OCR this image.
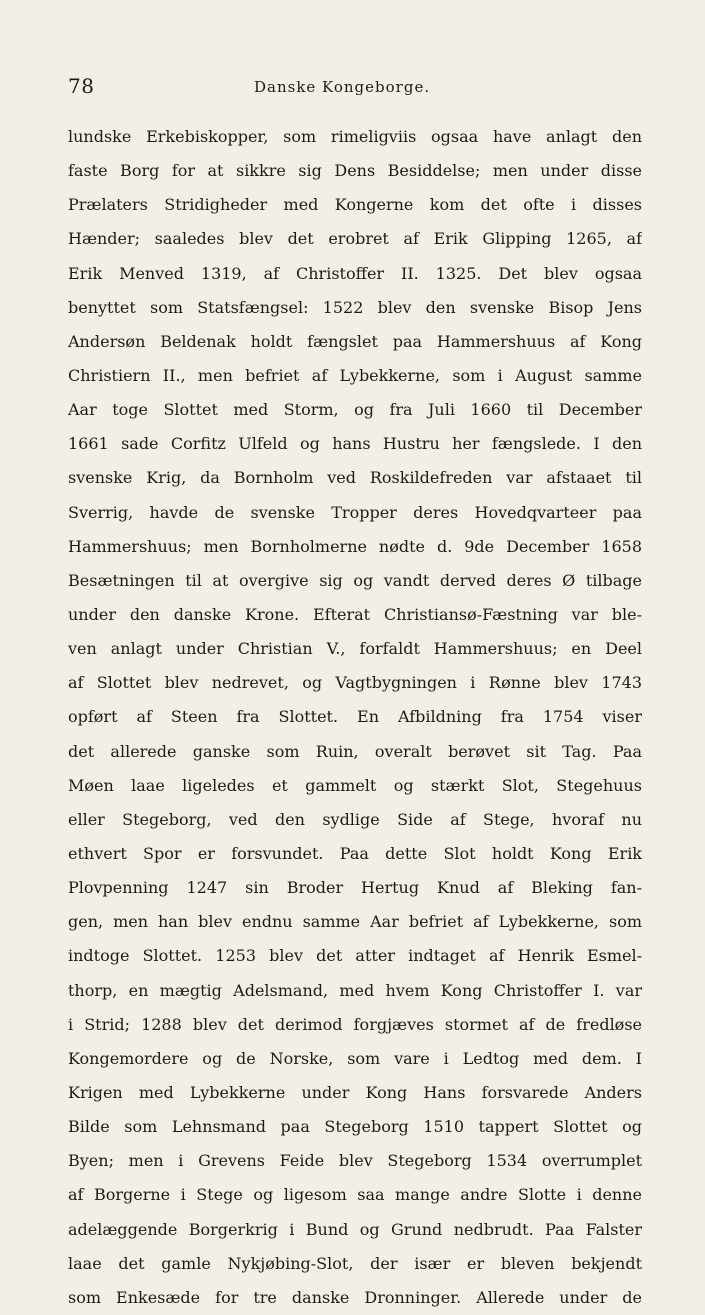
78	Danske Kongeborge.
lundske Erkebiskopper, som rimeligviis ogsaa have anlagt den
faste Borg for at sikkre sig Dens Besiddelse; men under disse
Prælaters Stridigheder med Kongerne kom det ofte i disses
Hænder; saaledes blev det erobret af Erik Glipping 1265, af
Erik Menved 1319, af Christoffer II. 1325. Det blev ogsaa
benyttet som Statsfængsel: 1522 blev den svenske Bisop Jens
Andersøn Beldenak holdt fængslet paa Hammershuus af Kong
Christiern II., men befriet af Lybekkerne, som i August samme
Aar toge Slottet med Storm, og fra Juli 1660 til December
1661 sade Corfitz Ulfeld og hans Hustru her fængslede. I den
svenske Krig, da Bornholm ved Roskildefreden var afstaaet til
Sverrig, havde de svenske Tropper deres Hovedqvarteer paa
Hammershuus; men Bornholmerne nødte d. 9de December 1658
Besætningen til at overgive sig og vandt derved deres Ø tilbage
under den danske Krone. Efterat Christiansø-Fæstning var ble-
ven anlagt under Christian V., forfaldt Hammershuus; en Deel
af Slottet blev nedrevet, og Vagtbygningen i Rønne blev 1743
opført af Steen fra Slottet. En Afbildning fra 1754 viser
det allerede ganske som Ruin, overalt berøvet sit Tag. Paa
Møen laae ligeledes et gammelt og stærkt Slot, Stegehuus
eller Stegeborg, ved den sydlige Side af Stege, hvoraf nu
ethvert Spor er forsvundet. Paa dette Slot holdt Kong Erik
Plovpenning 1247 sin Broder Hertug Knud af Bleking fan-
gen, men han blev endnu samme Aar befriet af Lybekkerne, som
indtoge Slottet. 1253 blev det atter indtaget af Henrik Esmel-
thorp, en mægtig Adelsmand, med hvem Kong Christoffer I. var
i Strid; 1288 blev det derimod forgjæves stormet af de fredløse
Kongemordere og de Norske, som vare i Ledtog med dem. I
Krigen med Lybekkerne under Kong Hans forsvarede Anders
Bilde som Lehnsmand paa Stegeborg 1510 tappert Slottet og
Byen; men i Grevens Feide blev Stegeborg 1534 overrumplet
af Borgerne i Stege og ligesom saa mange andre Slotte i denne
adelæggende Borgerkrig i Bund og Grund nedbrudt. Paa Falster
laae det gamle Nykjøbing-Slot, der især er bleven bekjendt
som Enkesæde for tre danske Dronninger. Allerede under de
